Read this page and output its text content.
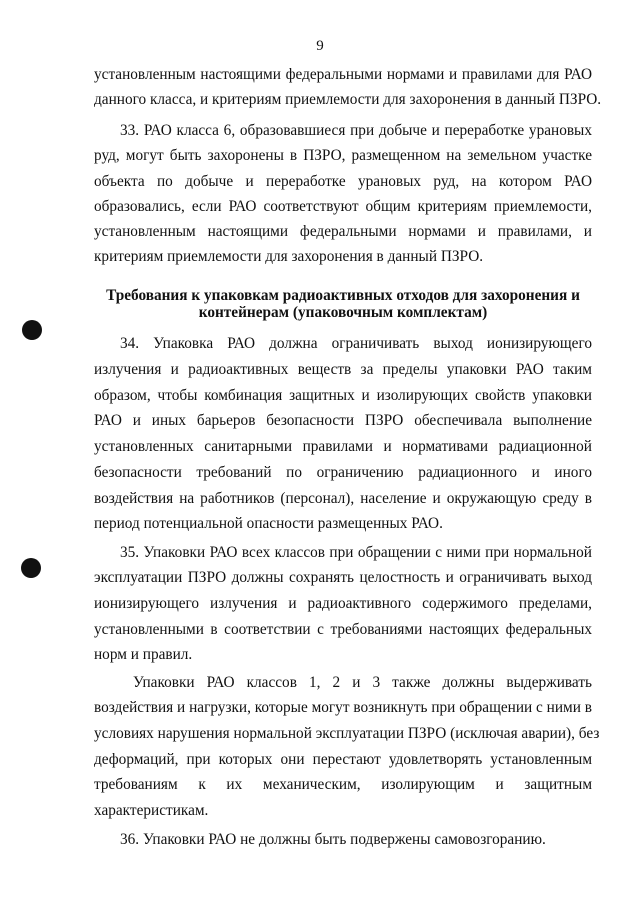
9
установленным настоящими федеральными нормами и правилами для РАО
данного класса, и критериям приемлемости для захоронения в данный ПЗРО.
33. РАО класса 6, образовавшиеся при добыче и переработке урановых
руд, могут быть захоронены в ПЗРО, размещенном на земельном участке
объекта по добыче и переработке урановых руд, на котором РАО
образовались, если РАО соответствуют общим критериям приемлемости,
установленным настоящими федеральными нормами и правилами, и
критериям приемлемости для захоронения в данный ПЗРО.
Требования к упаковкам радиоактивных отходов для захоронения и
контейнерам (упаковочным комплектам)
34. Упаковка РАО должна ограничивать выход ионизирующего
излучения и радиоактивных веществ за пределы упаковки РАО таким
образом, чтобы комбинация защитных и изолирующих свойств упаковки
РАО и иных барьеров безопасности ПЗРО обеспечивала выполнение
установленных санитарными правилами и нормативами радиационной
безопасности требований по ограничению радиационного и иного
воздействия на работников (персонал), население и окружающую среду в
период потенциальной опасности размещенных РАО.
35. Упаковки РАО всех классов при обращении с ними при нормальной
эксплуатации ПЗРО должны сохранять целостность и ограничивать выход
ионизирующего излучения и радиоактивного содержимого пределами,
установленными в соответствии с требованиями настоящих федеральных
норм и правил.
Упаковки РАО классов 1, 2 и 3 также должны выдерживать
воздействия и нагрузки, которые могут возникнуть при обращении с ними в
условиях нарушения нормальной эксплуатации ПЗРО (исключая аварии), без
деформаций, при которых они перестают удовлетворять установленным
требованиям к их механическим, изолирующим и защитным
характеристикам.
36. Упаковки РАО не должны быть подвержены самовозгоранию.
